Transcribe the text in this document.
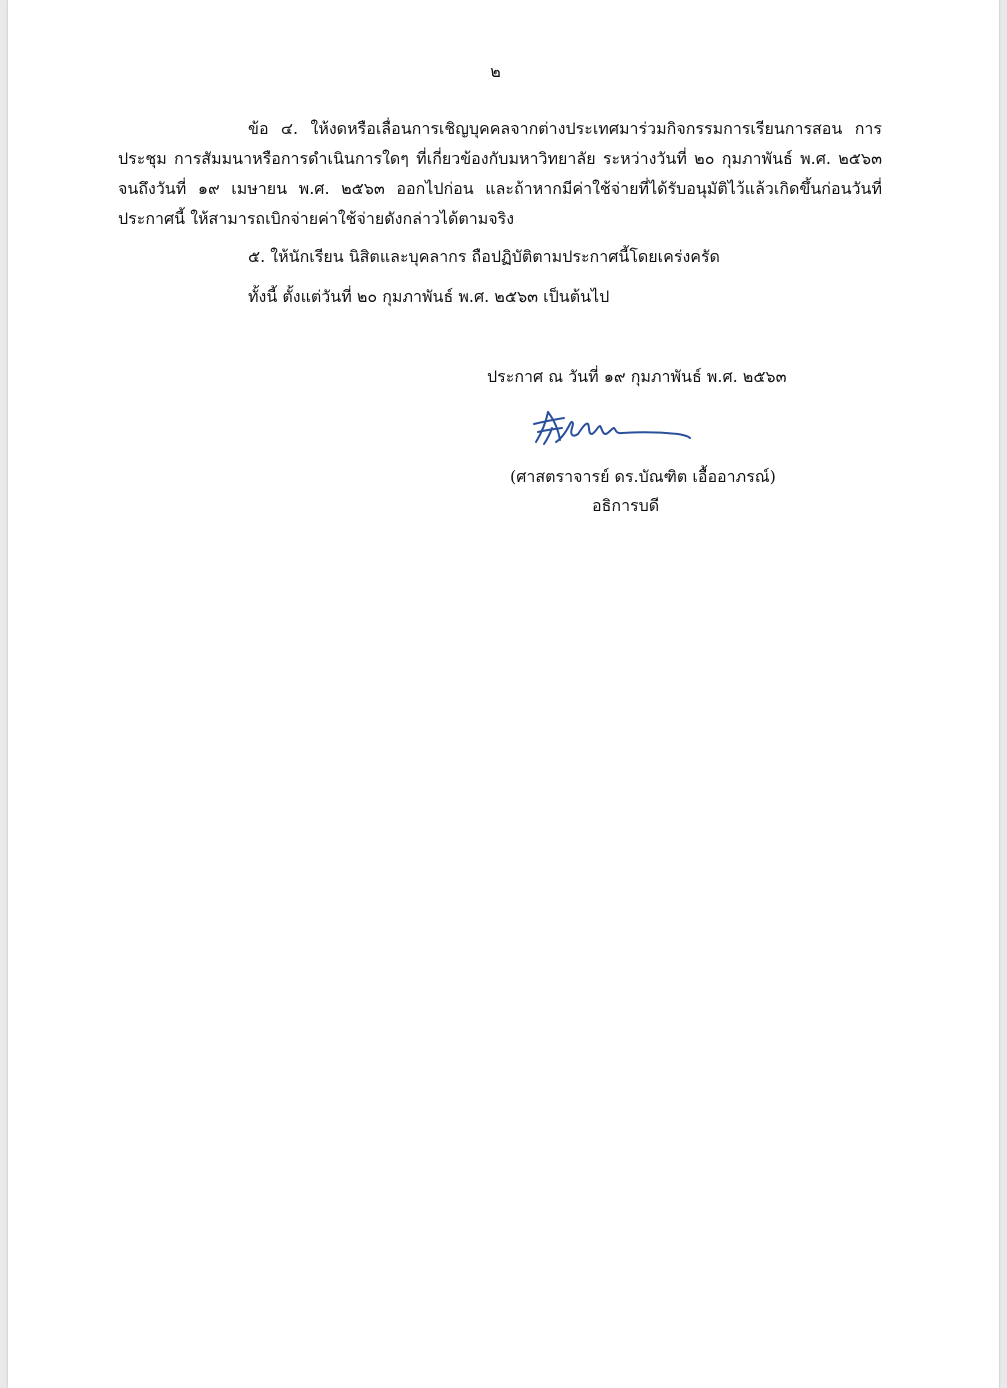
๒

ข้อ ๔. ให้งดหรือเลื่อนการเชิญบุคคลจากต่างประเทศมาร่วมกิจกรรมการเรียนการสอน การประชุม การสัมมนาหรือการดำเนินการใดๆ ที่เกี่ยวข้องกับมหาวิทยาลัย ระหว่างวันที่ ๒๐ กุมภาพันธ์ พ.ศ. ๒๕๖๓ จนถึงวันที่ ๑๙ เมษายน พ.ศ. ๒๕๖๓ ออกไปก่อน และถ้าหากมีค่าใช้จ่ายที่ได้รับอนุมัติไว้แล้วเกิดขึ้นก่อนวันที่ประกาศนี้ ให้สามารถเบิกจ่ายค่าใช้จ่ายดังกล่าวได้ตามจริง

๕. ให้นักเรียน นิสิตและบุคลากร ถือปฏิบัติตามประกาศนี้โดยเคร่งครัด

ทั้งนี้ ตั้งแต่วันที่ ๒๐ กุมภาพันธ์ พ.ศ. ๒๕๖๓ เป็นต้นไป

ประกาศ ณ วันที่ ๑๙ กุมภาพันธ์ พ.ศ. ๒๕๖๓
(ศาสตราจารย์ ดร.บัณฑิต เอื้ออาภรณ์)
อธิการบดี
